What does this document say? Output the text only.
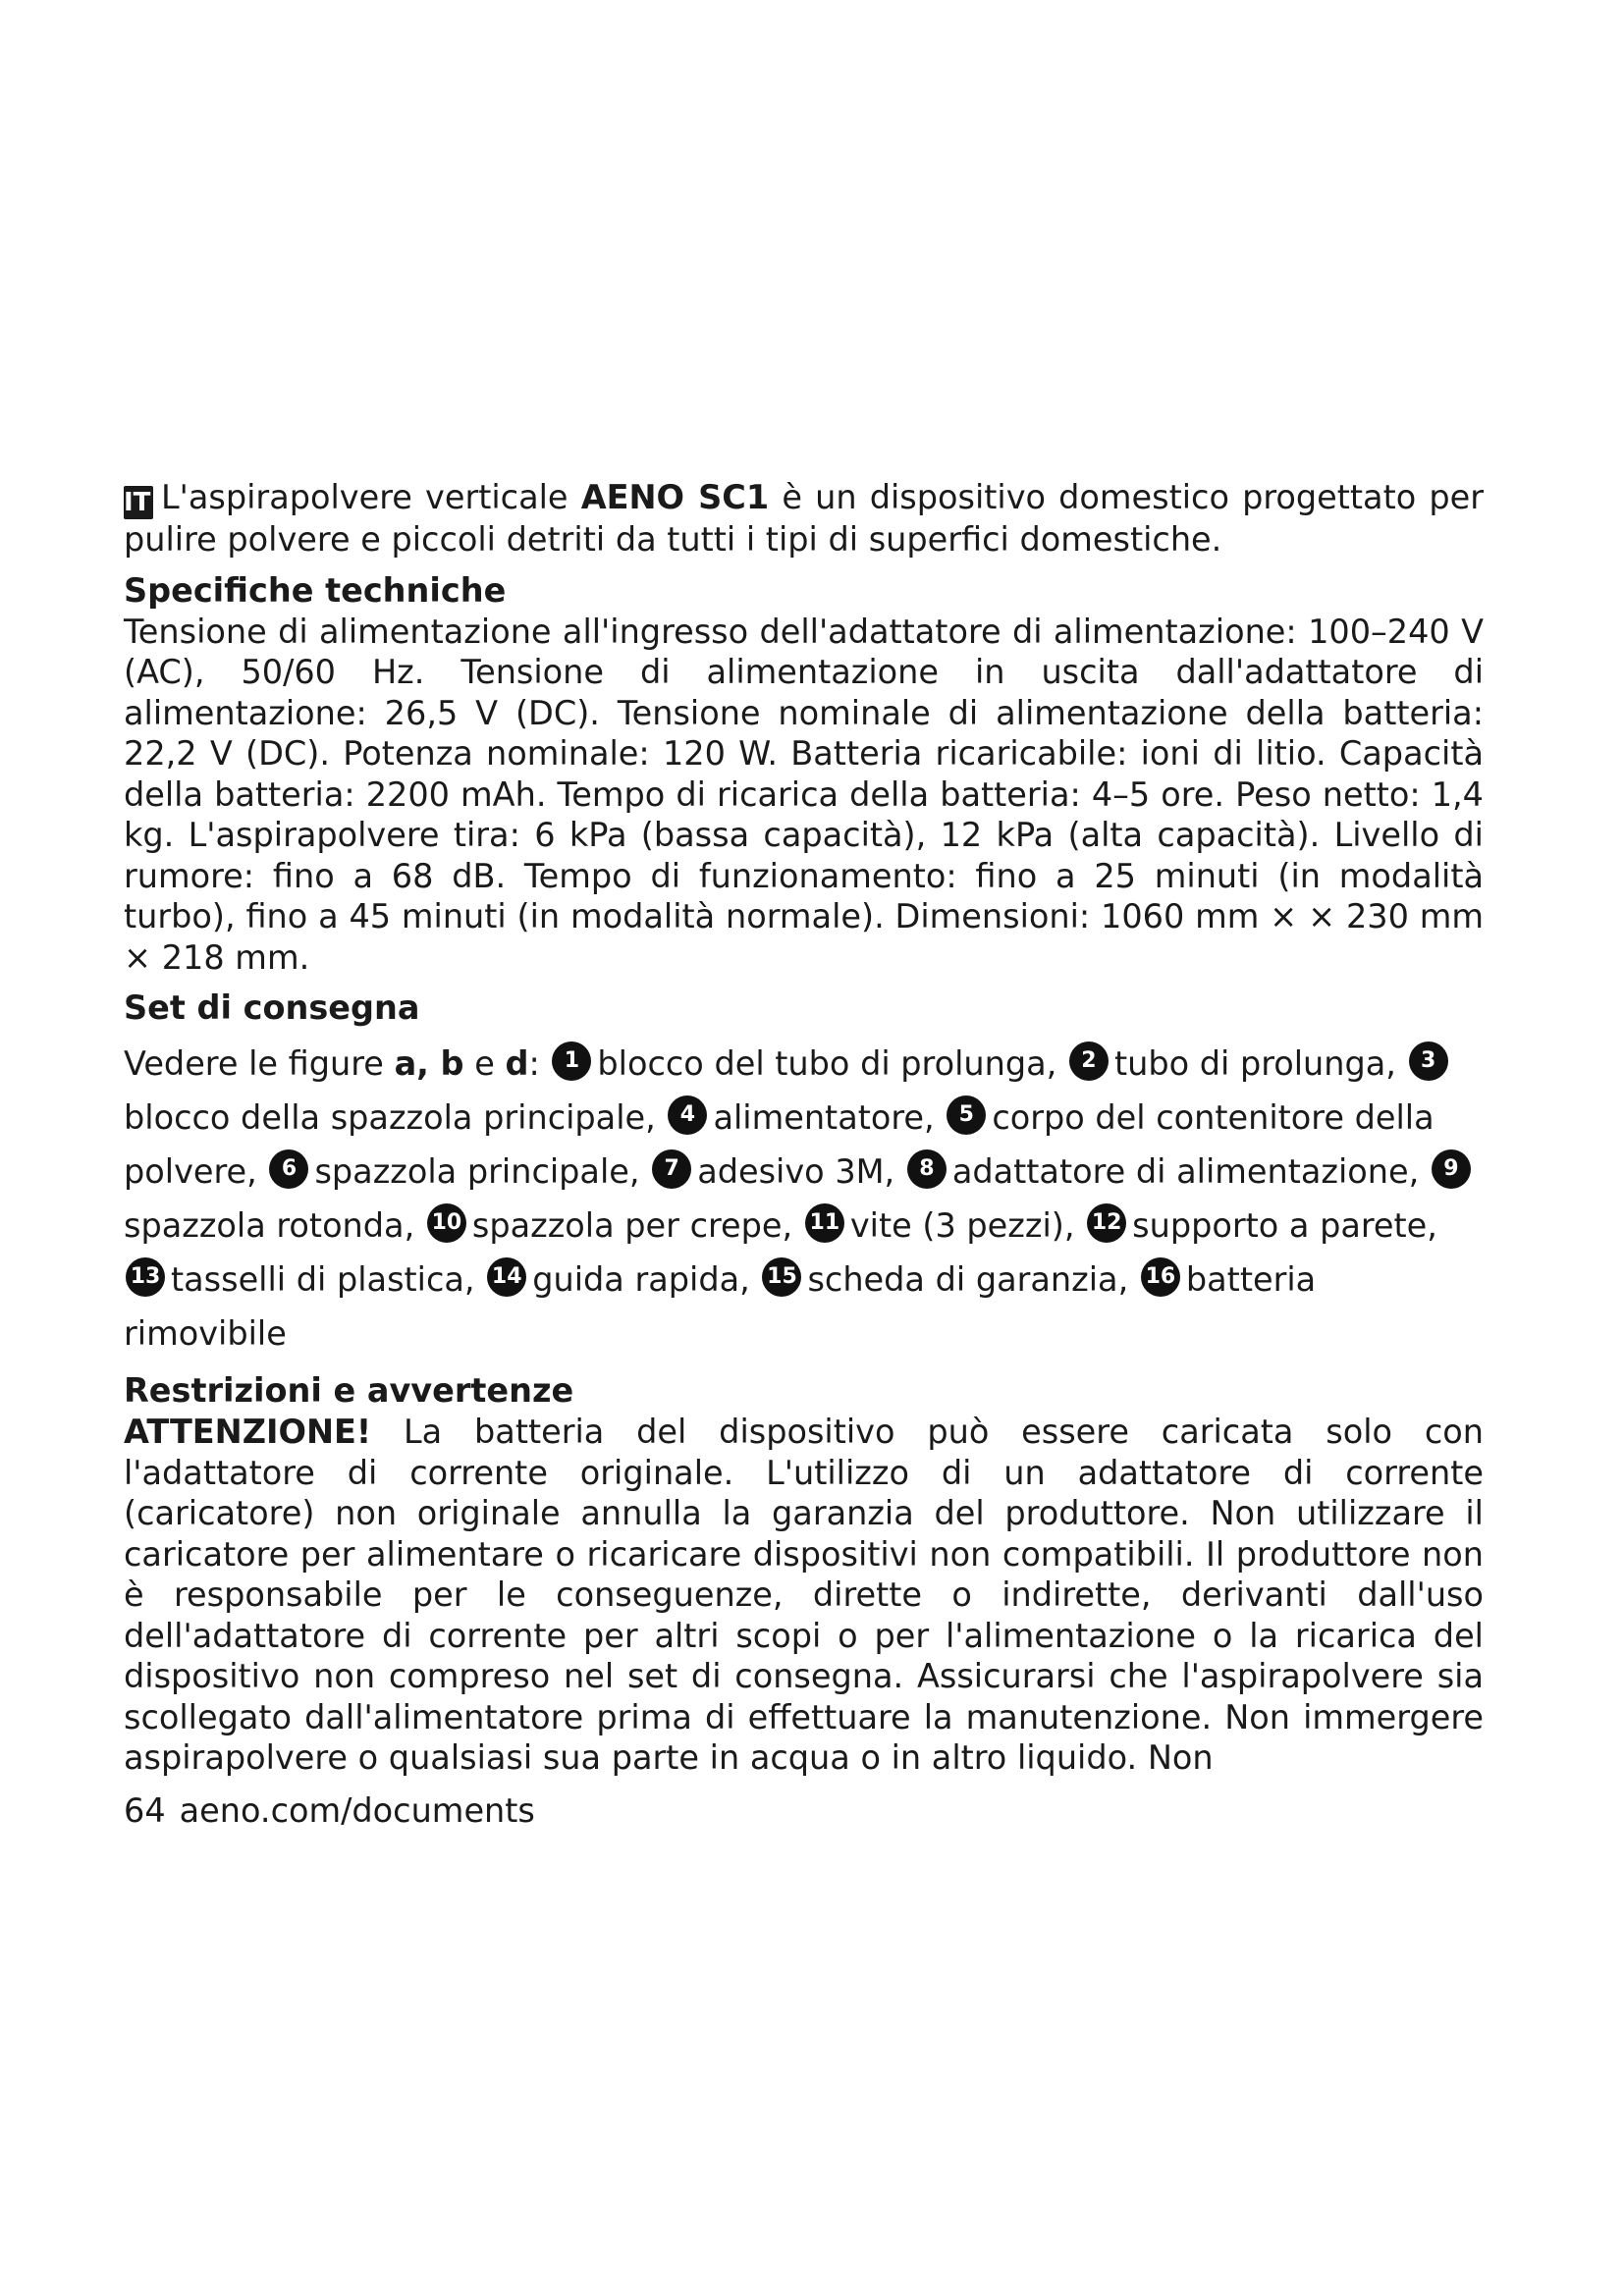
IT L'aspirapolvere verticale AENO SC1 è un dispositivo domestico progettato per pulire polvere e piccoli detriti da tutti i tipi di superfici domestiche.

Specifiche techniche

Tensione di alimentazione all'ingresso dell'adattatore di alimentazione: 100–240 V (AC), 50/60 Hz. Tensione di alimentazione in uscita dall'adattatore di alimentazione: 26,5 V (DC). Tensione nominale di alimentazione della batteria: 22,2 V (DC). Potenza nominale: 120 W. Batteria ricaricabile: ioni di litio. Capacità della batteria: 2200 mAh. Tempo di ricarica della batteria: 4–5 ore. Peso netto: 1,4 kg. L'aspirapolvere tira: 6 kPa (bassa capacità), 12 kPa (alta capacità). Livello di rumore: fino a 68 dB. Tempo di funzionamento: fino a 25 minuti (in modalità turbo), fino a 45 minuti (in modalità normale). Dimensioni: 1060 mm × × 230 mm × 218 mm.

Set di consegna

Vedere le figure a, b e d: 1 blocco del tubo di prolunga, 2 tubo di prolunga, 3blocco della spazzola principale, 4 alimentatore, 5 corpo del contenitore della polvere, 6 spazzola principale, 7 adesivo 3M, 8 adattatore di alimentazione, 9spazzola rotonda, 10 spazzola per crepe, 11 vite (3 pezzi), 12 supporto a parete, 13 tasselli di plastica, 14 guida rapida, 15 scheda di garanzia, 16 batteria rimovibile

Restrizioni e avvertenze

ATTENZIONE! La batteria del dispositivo può essere caricata solo con l'adattatore di corrente originale. L'utilizzo di un adattatore di corrente (caricatore) non originale annulla la garanzia del produttore. Non utilizzare il caricatore per alimentare o ricaricare dispositivi non compatibili. Il produttore non è responsabile per le conseguenze, dirette o indirette, derivanti dall'uso dell'adattatore di corrente per altri scopi o per l'alimentazione o la ricarica del dispositivo non compreso nel set di consegna. Assicurarsi che l'aspirapolvere sia scollegato dall'alimentatore prima di effettuare la manutenzione. Non immergere aspirapolvere o qualsiasi sua parte in acqua o in altro liquido. Non

64 aeno.com/documents
